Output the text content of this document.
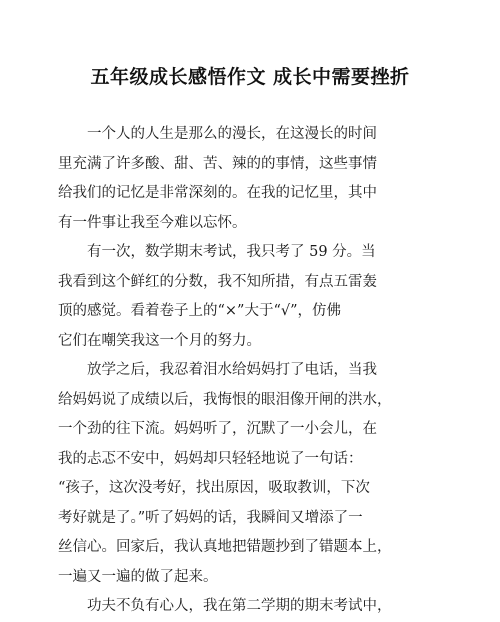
五年级成长感悟作文 成长中需要挫折
　　一个人的人生是那么的漫长，在这漫长的时间
里充满了许多酸、甜、苦、辣的的事情，这些事情
给我们的记忆是非常深刻的。在我的记忆里，其中
有一件事让我至今难以忘怀。
　　有一次，数学期末考试，我只考了 59 分。当
我看到这个鲜红的分数，我不知所措，有点五雷轰
顶的感觉。看着卷子上的“×”大于“√”，仿佛
它们在嘲笑我这一个月的努力。
　　放学之后，我忍着泪水给妈妈打了电话，当我
给妈妈说了成绩以后，我悔恨的眼泪像开闸的洪水，
一个劲的往下流。妈妈听了，沉默了一小会儿，在
我的忐忑不安中，妈妈却只轻轻地说了一句话：
“孩子，这次没考好，找出原因，吸取教训，下次
考好就是了。”听了妈妈的话，我瞬间又增添了一
丝信心。回家后，我认真地把错题抄到了错题本上，
一遍又一遍的做了起来。
　　功夫不负有心人，我在第二学期的期末考试中，
